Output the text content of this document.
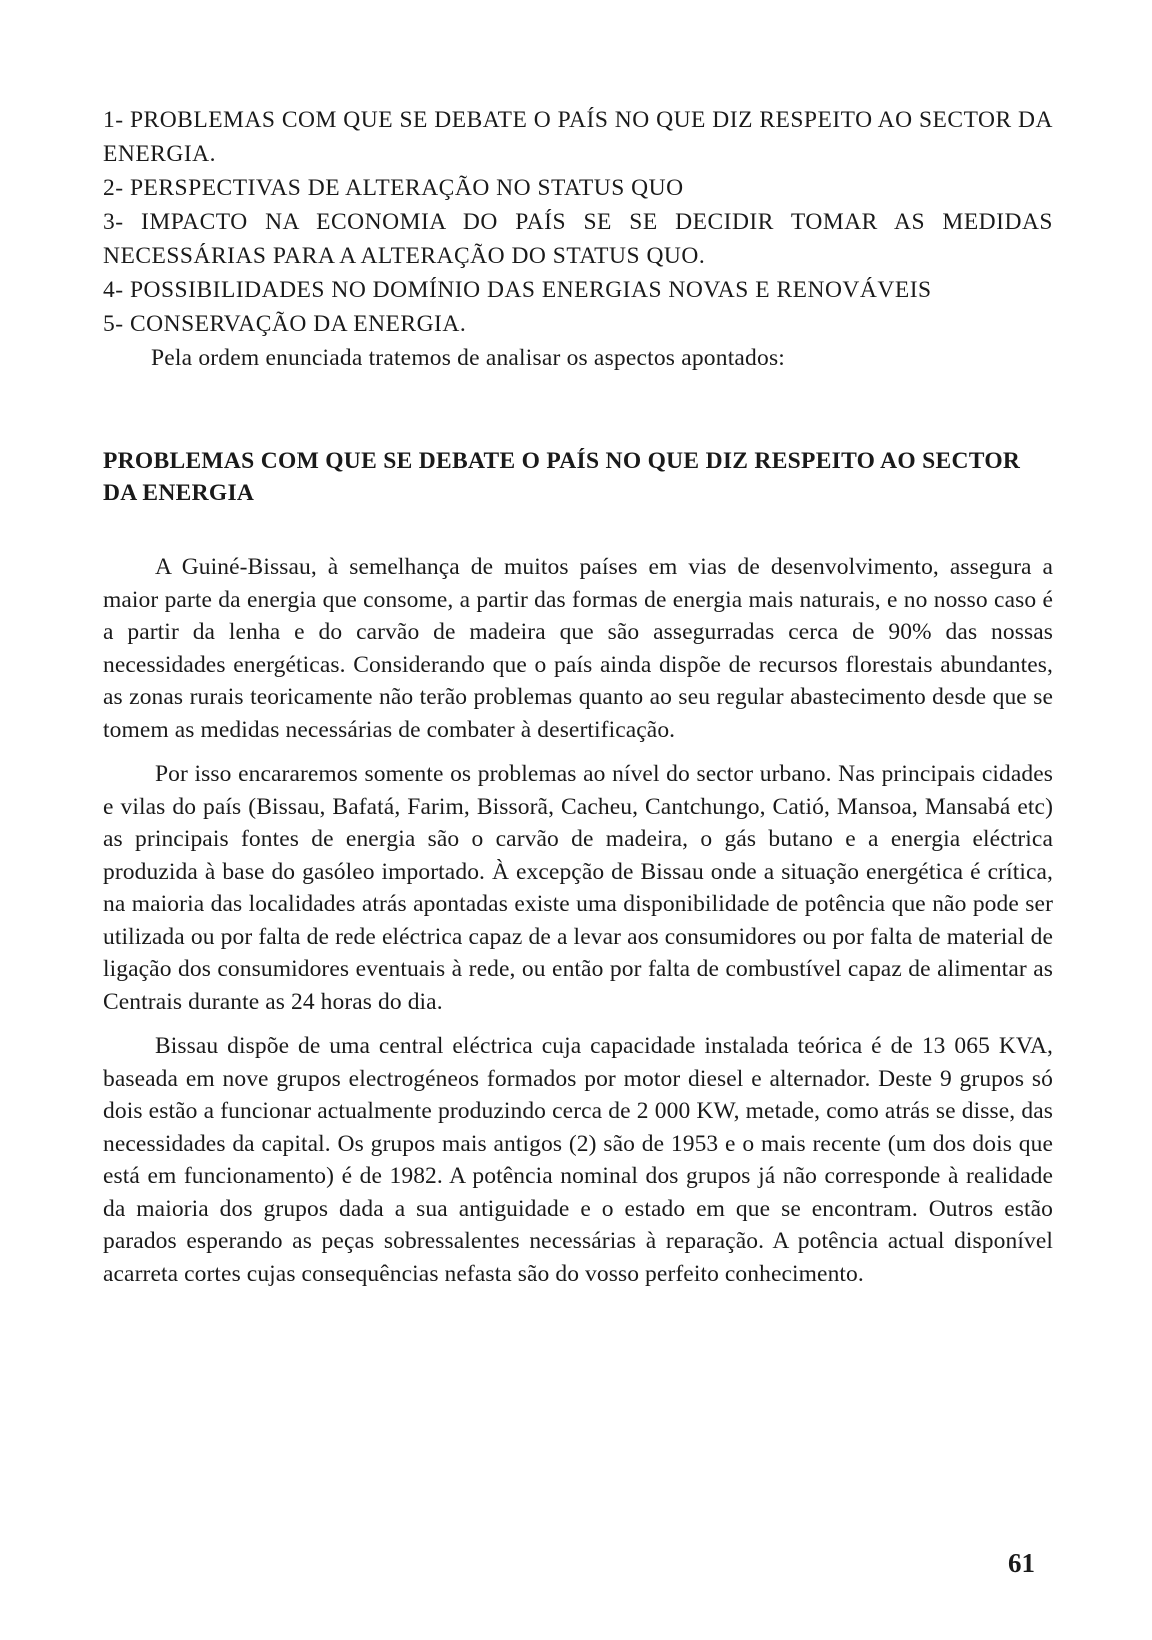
1- PROBLEMAS COM QUE SE DEBATE O PAÍS NO QUE DIZ RESPEITO AO SECTOR DA ENERGIA.

2- PERSPECTIVAS DE ALTERAÇÃO NO STATUS QUO

3- IMPACTO NA ECONOMIA DO PAÍS SE SE DECIDIR TOMAR AS MEDIDAS NECESSÁRIAS PARA A ALTERAÇÃO DO STATUS QUO.

4- POSSIBILIDADES NO DOMÍNIO DAS ENERGIAS NOVAS E RENOVÁVEIS

5- CONSERVAÇÃO DA ENERGIA.

Pela ordem enunciada tratemos de analisar os aspectos apontados:

PROBLEMAS COM QUE SE DEBATE O PAÍS NO QUE DIZ RESPEITO AO SECTOR DA ENERGIA

A Guiné-Bissau, à semelhança de muitos países em vias de desenvolvimento, assegura a maior parte da energia que consome, a partir das formas de energia mais naturais, e no nosso caso é a partir da lenha e do carvão de madeira que são assegurradas cerca de 90% das nossas necessidades energéticas. Considerando que o país ainda dispõe de recursos florestais abundantes, as zonas rurais teoricamente não terão problemas quanto ao seu regular abastecimento desde que se tomem as medidas necessárias de combater à desertificação.

Por isso encararemos somente os problemas ao nível do sector urbano. Nas principais cidades e vilas do país (Bissau, Bafatá, Farim, Bissorã, Cacheu, Cantchungo, Catió, Mansoa, Mansabá etc) as principais fontes de energia são o carvão de madeira, o gás butano e a energia eléctrica produzida à base do gasóleo importado. À excepção de Bissau onde a situação energética é crítica, na maioria das localidades atrás apontadas existe uma disponibilidade de potência que não pode ser utilizada ou por falta de rede eléctrica capaz de a levar aos consumidores ou por falta de material de ligação dos consumidores eventuais à rede, ou então por falta de combustível capaz de alimentar as Centrais durante as 24 horas do dia.

Bissau dispõe de uma central eléctrica cuja capacidade instalada teórica é de 13 065 KVA, baseada em nove grupos electrogéneos formados por motor diesel e alternador. Deste 9 grupos só dois estão a funcionar actualmente produzindo cerca de 2 000 KW, metade, como atrás se disse, das necessidades da capital. Os grupos mais antigos (2) são de 1953 e o mais recente (um dos dois que está em funcionamento) é de 1982. A potência nominal dos grupos já não corresponde à realidade da maioria dos grupos dada a sua antiguidade e o estado em que se encontram. Outros estão parados esperando as peças sobressalentes necessárias à reparação. A potência actual disponível acarreta cortes cujas consequências nefasta são do vosso perfeito conhecimento.

61
